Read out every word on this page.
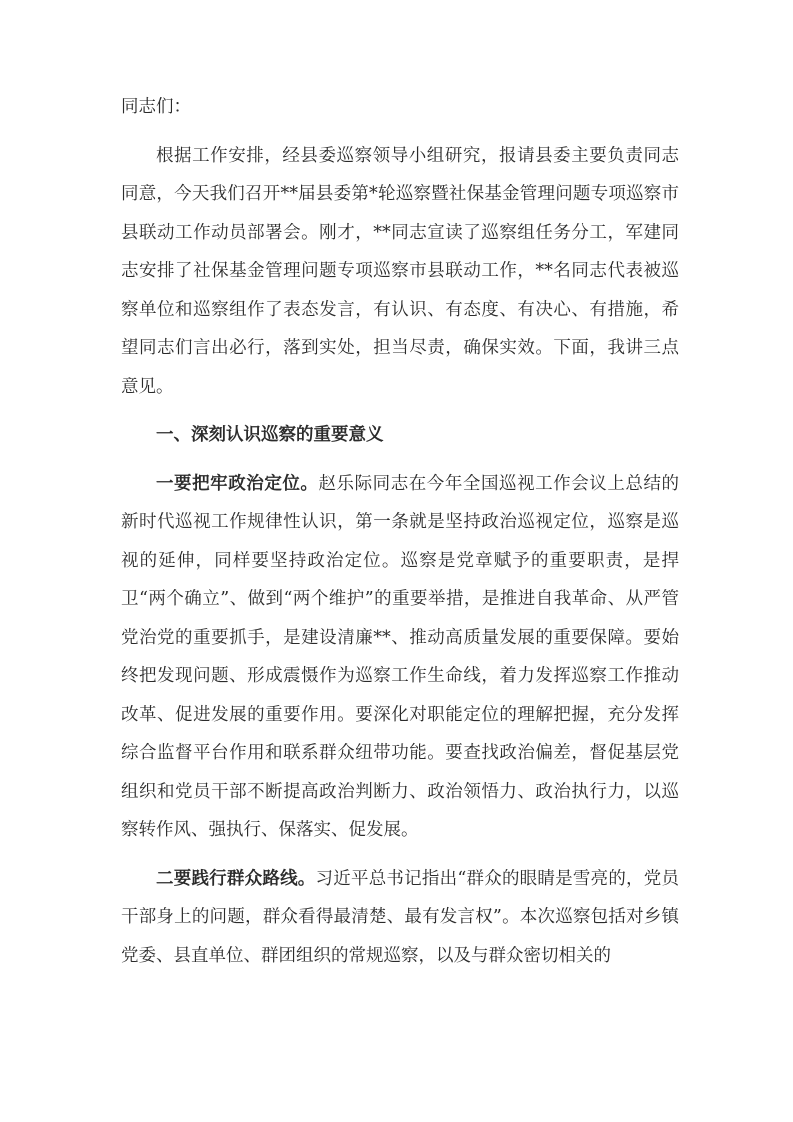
同志们：

根据工作安排，经县委巡察领导小组研究，报请县委主要负责同志同意，今天我们召开**届县委第*轮巡察暨社保基金管理问题专项巡察市县联动工作动员部署会。刚才，**同志宣读了巡察组任务分工，军建同志安排了社保基金管理问题专项巡察市县联动工作，**名同志代表被巡察单位和巡察组作了表态发言，有认识、有态度、有决心、有措施，希望同志们言出必行，落到实处，担当尽责，确保实效。下面，我讲三点意见。

一、深刻认识巡察的重要意义

一要把牢政治定位。赵乐际同志在今年全国巡视工作会议上总结的新时代巡视工作规律性认识，第一条就是坚持政治巡视定位，巡察是巡视的延伸，同样要坚持政治定位。巡察是党章赋予的重要职责，是捍卫“两个确立”、做到“两个维护”的重要举措，是推进自我革命、从严管党治党的重要抓手，是建设清廉**、推动高质量发展的重要保障。要始终把发现问题、形成震慑作为巡察工作生命线，着力发挥巡察工作推动改革、促进发展的重要作用。要深化对职能定位的理解把握，充分发挥综合监督平台作用和联系群众纽带功能。要查找政治偏差，督促基层党组织和党员干部不断提高政治判断力、政治领悟力、政治执行力，以巡察转作风、强执行、保落实、促发展。

二要践行群众路线。习近平总书记指出“群众的眼睛是雪亮的，党员干部身上的问题，群众看得最清楚、最有发言权”。本次巡察包括对乡镇党委、县直单位、群团组织的常规巡察，以及与群众密切相关的
